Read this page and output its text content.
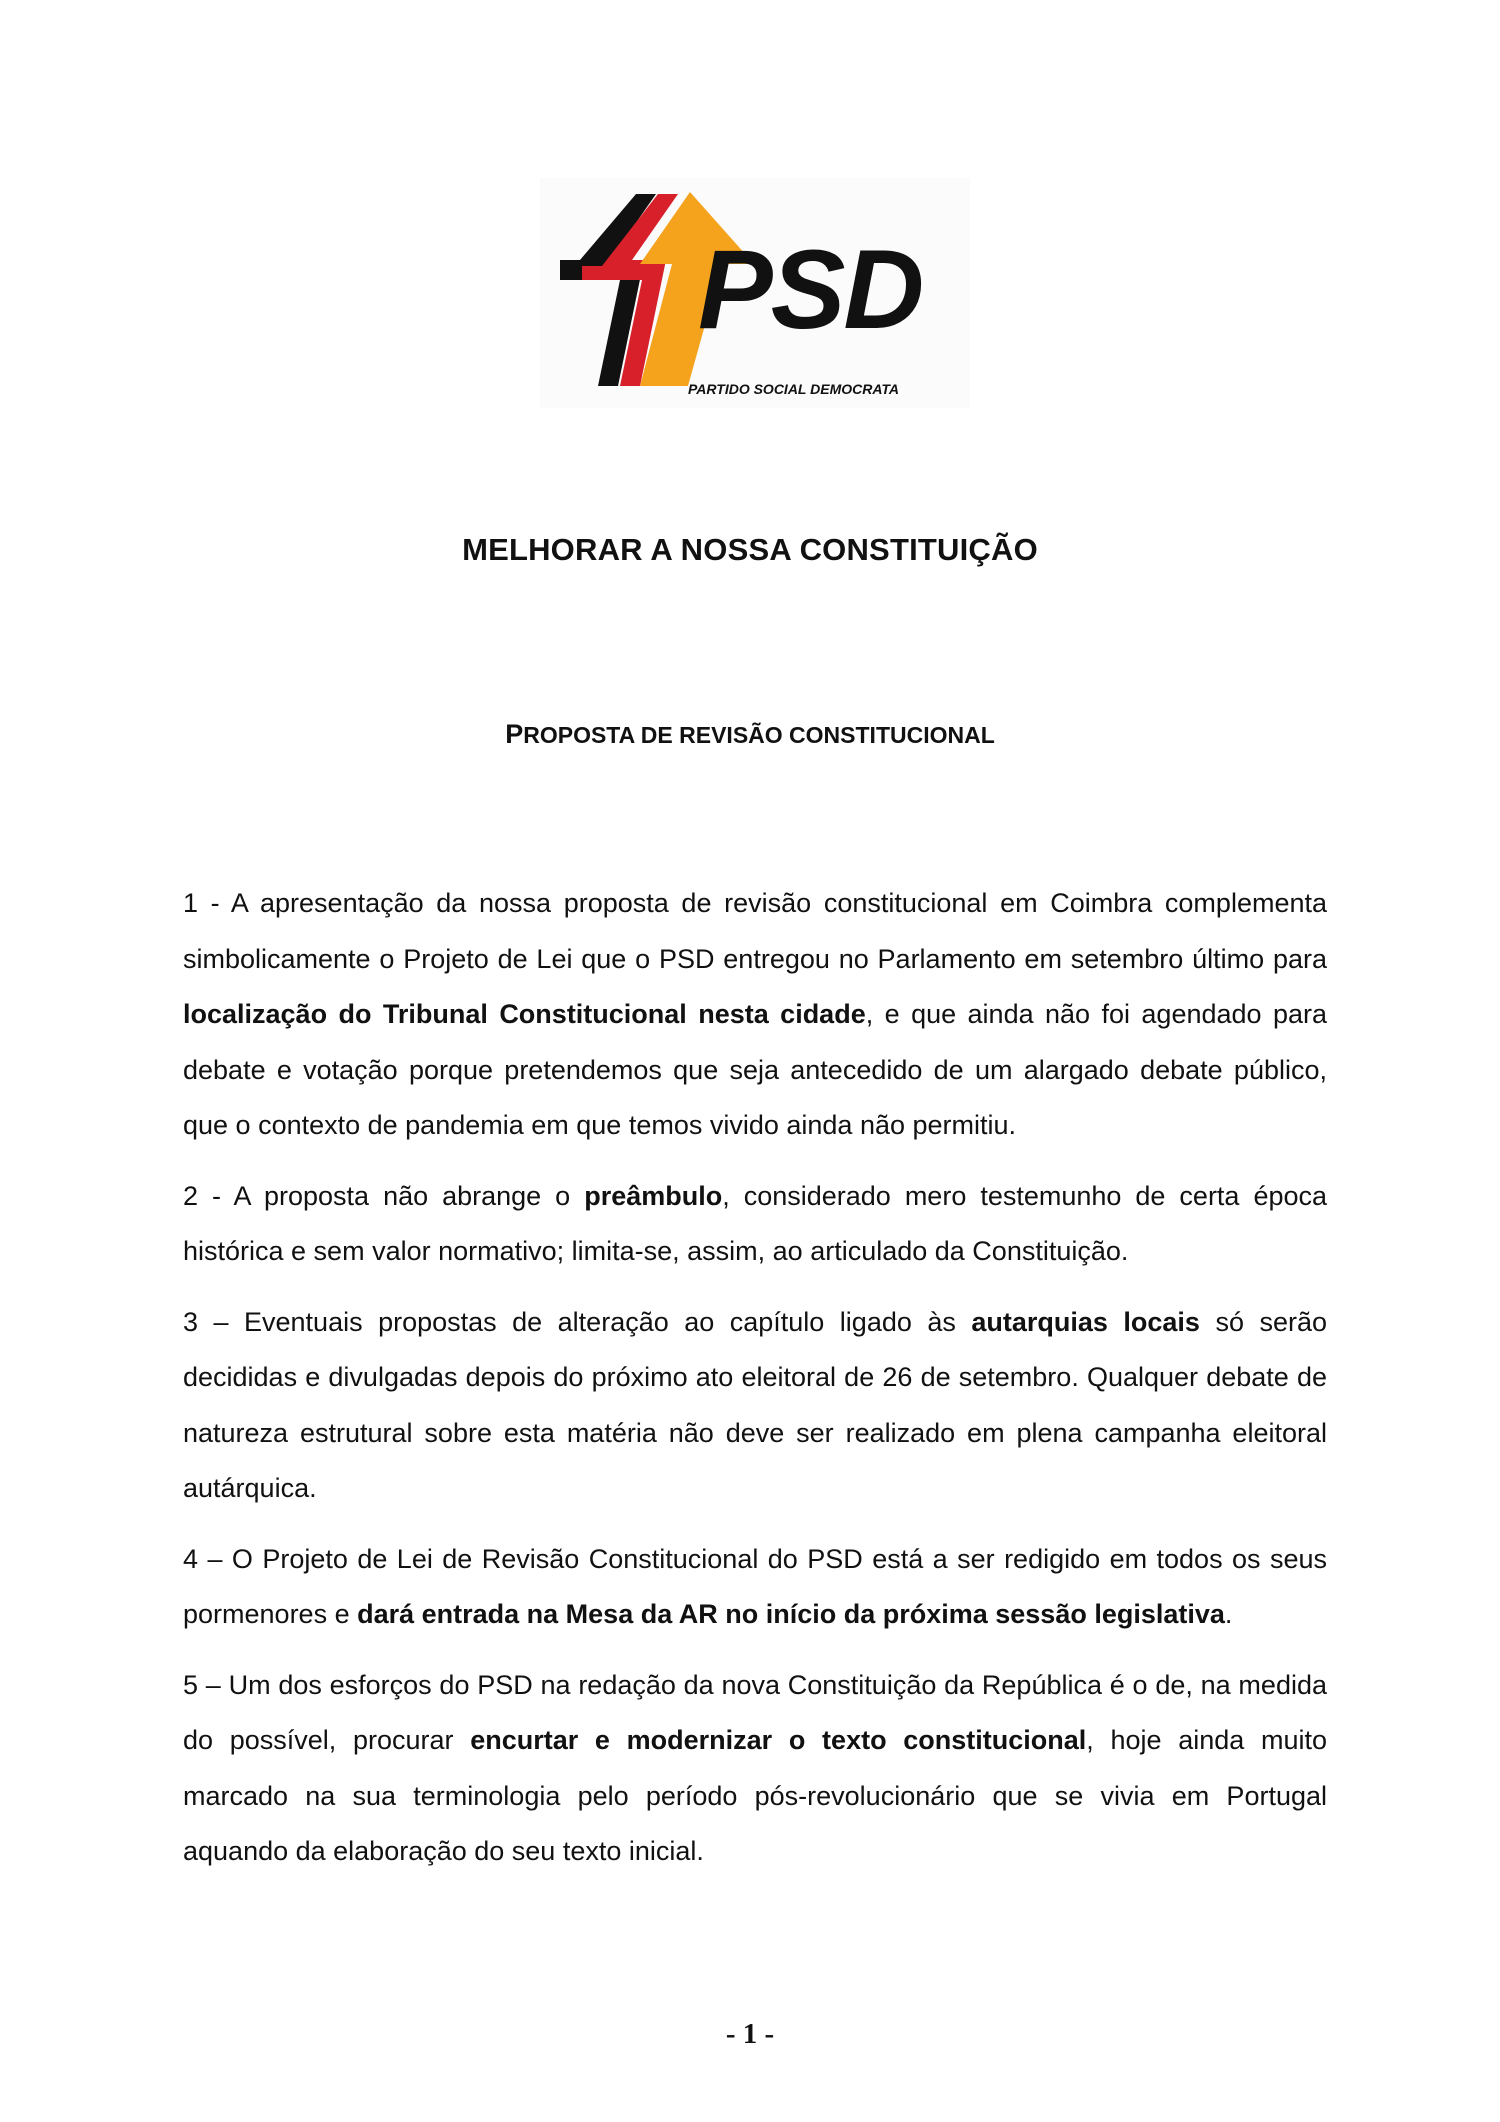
PSD
PARTIDO SOCIAL DEMOCRATA
MELHORAR A NOSSA CONSTITUIÇÃO
PROPOSTA DE REVISÃO CONSTITUCIONAL

1 - A apresentação da nossa proposta de revisão constitucional em Coimbra complementa simbolicamente o Projeto de Lei que o PSD entregou no Parlamento em setembro último para localização do Tribunal Constitucional nesta cidade, e que ainda não foi agendado para debate e votação porque pretendemos que seja antecedido de um alargado debate público, que o contexto de pandemia em que temos vivido ainda não permitiu.

2 - A proposta não abrange o preâmbulo, considerado mero testemunho de certa época histórica e sem valor normativo; limita-se, assim, ao articulado da Constituição.

3 – Eventuais propostas de alteração ao capítulo ligado às autarquias locais só serão decididas e divulgadas depois do próximo ato eleitoral de 26 de setembro. Qualquer debate de natureza estrutural sobre esta matéria não deve ser realizado em plena campanha eleitoral autárquica.

4 – O Projeto de Lei de Revisão Constitucional do PSD está a ser redigido em todos os seus pormenores e dará entrada na Mesa da AR no início da próxima sessão legislativa.

5 – Um dos esforços do PSD na redação da nova Constituição da República é o de, na medida do possível, procurar encurtar e modernizar o texto constitucional, hoje ainda muito marcado na sua terminologia pelo período pós-revolucionário que se vivia em Portugal aquando da elaboração do seu texto inicial.

- 1 -
